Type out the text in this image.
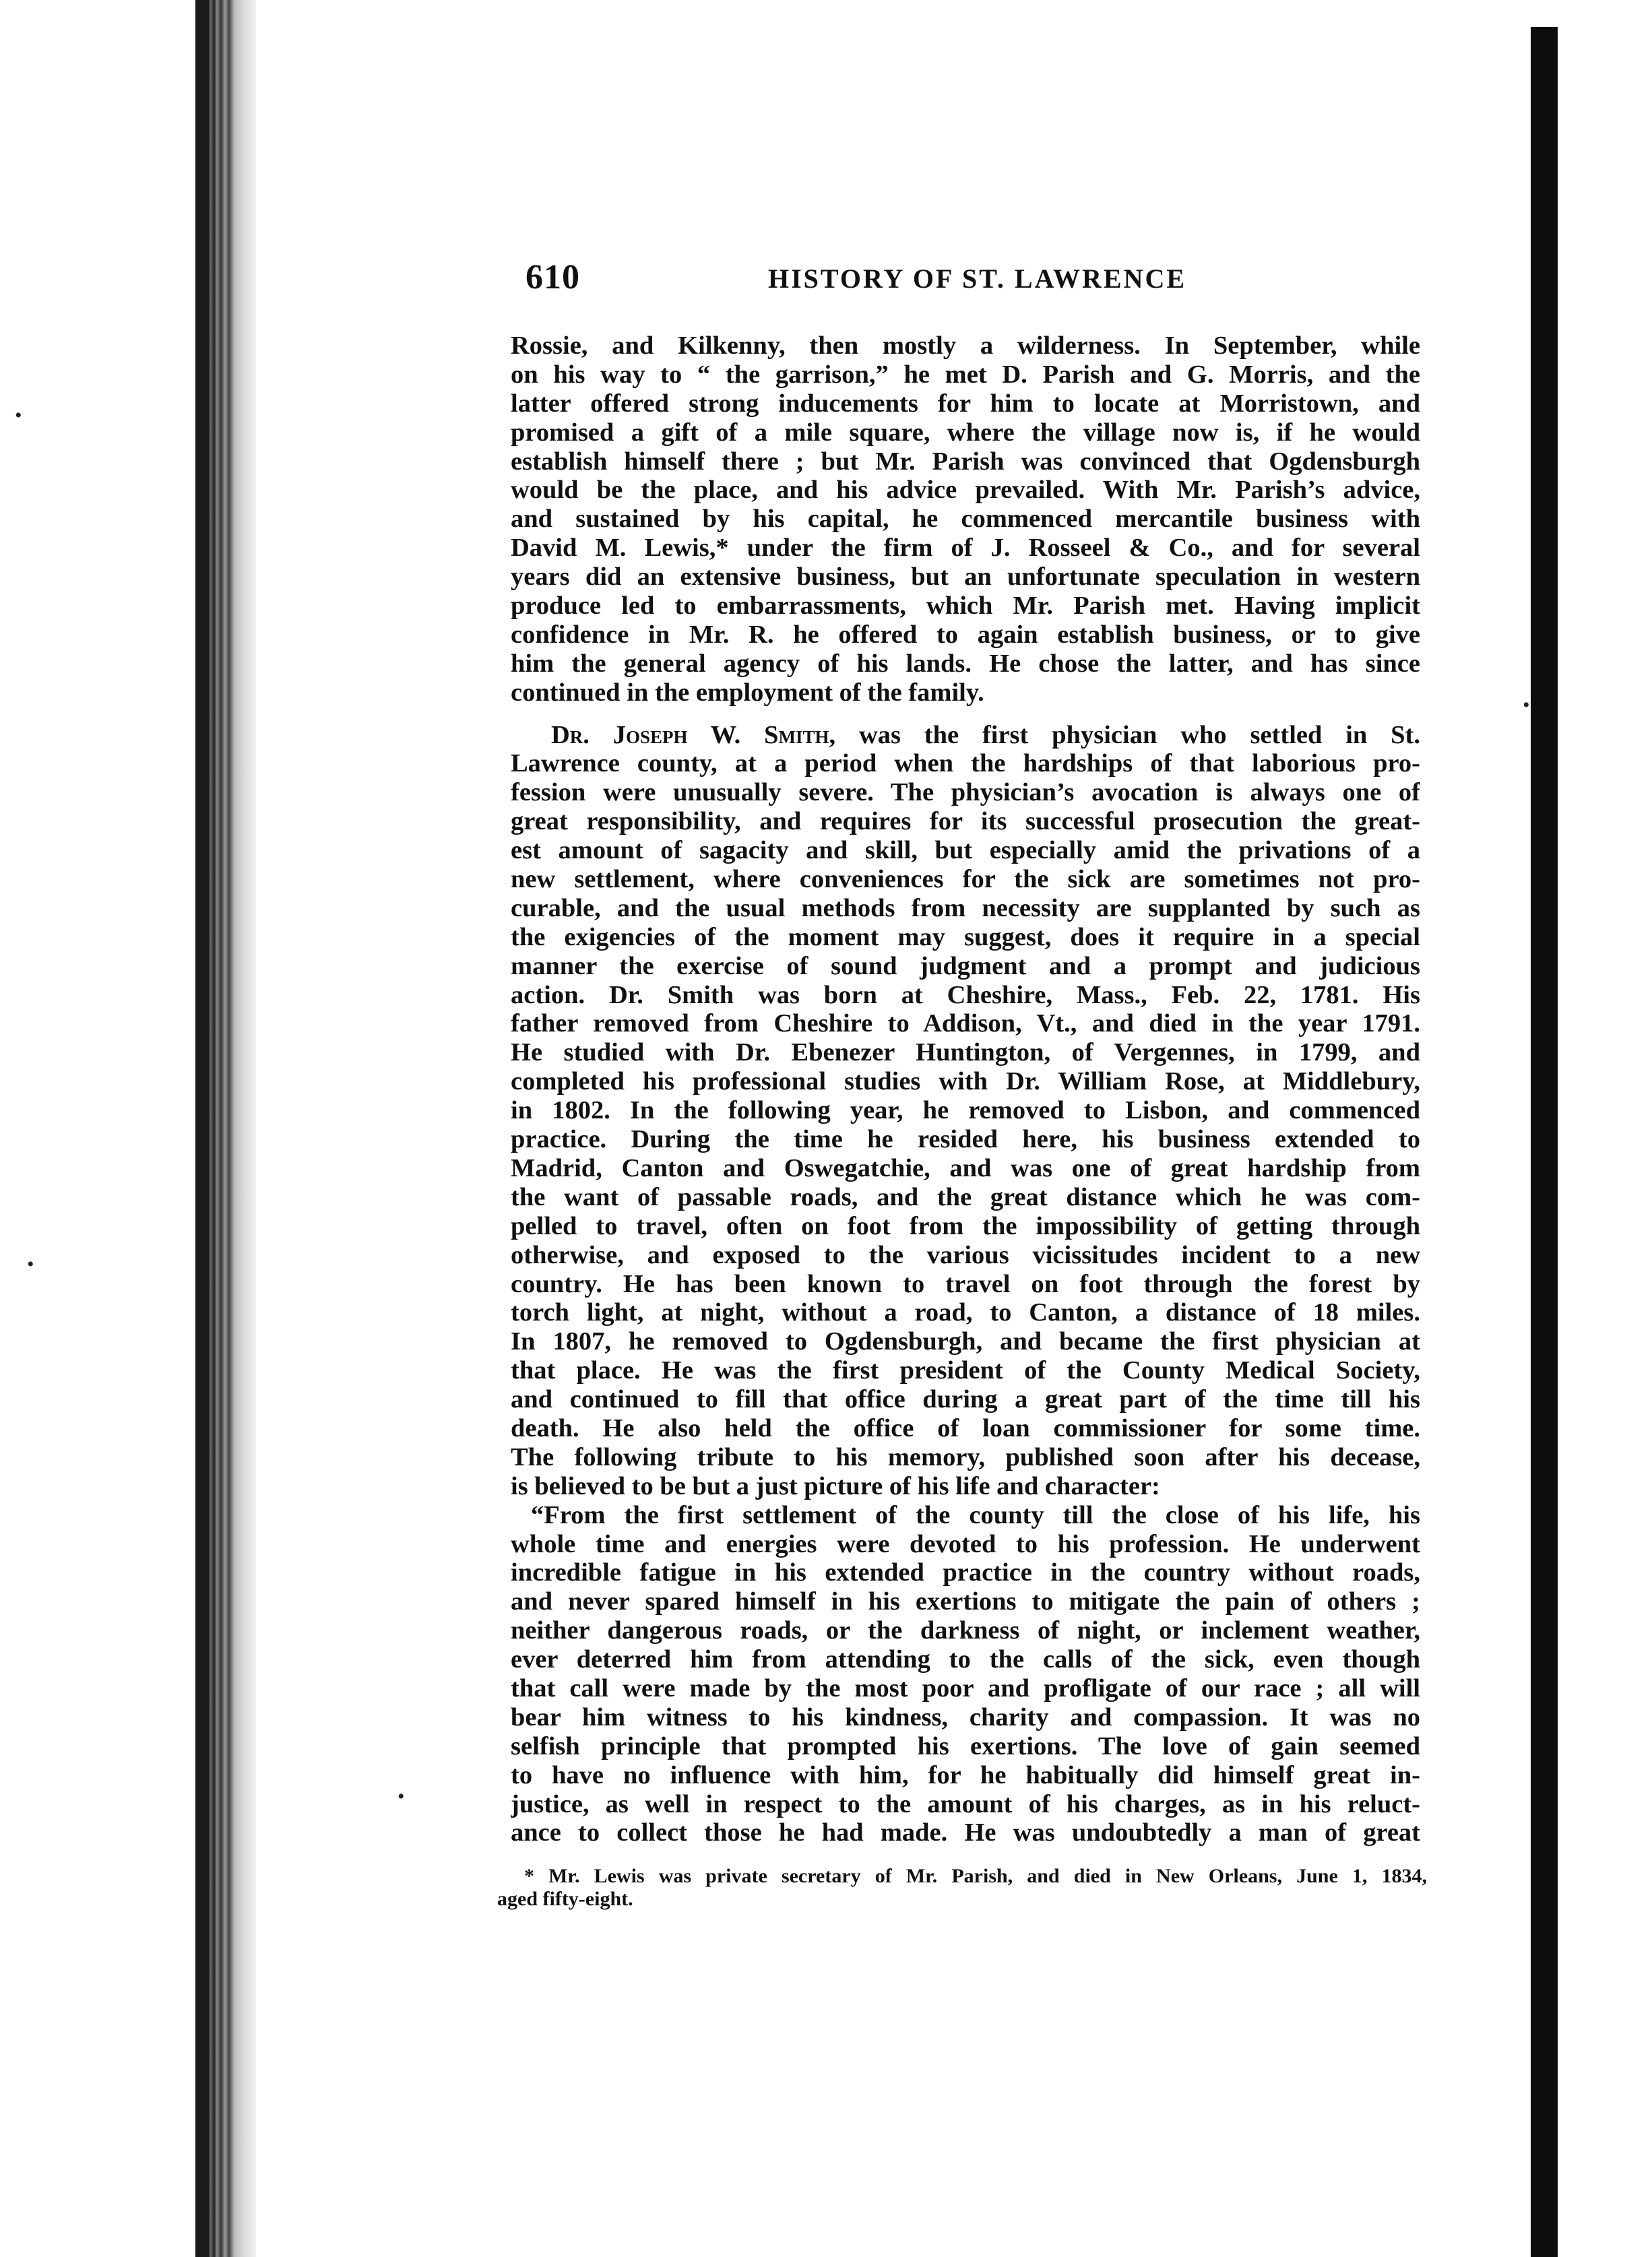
•
•
•
•
610	HISTORY OF ST. LAWRENCE
Rossie, and Kilkenny, then mostly a wilderness. In September, while
on his way to “ the garrison,” he met D. Parish and G. Morris, and the
latter offered strong inducements for him to locate at Morristown, and
promised a gift of a mile square, where the village now is, if he would
establish himself there ; but Mr. Parish was convinced that Ogdensburgh
would be the place, and his advice prevailed. With Mr. Parish’s advice,
and sustained by his capital, he commenced mercantile business with
David M. Lewis,* under the firm of J. Rosseel & Co., and for several
years did an extensive business, but an unfortunate speculation in western
produce led to embarrassments, which Mr. Parish met. Having implicit
confidence in Mr. R. he offered to again establish business, or to give
him the general agency of his lands. He chose the latter, and has since
continued in the employment of the family.
Dr. Joseph W. Smith, was the first physician who settled in St.
Lawrence county, at a period when the hardships of that laborious pro-
fession were unusually severe. The physician’s avocation is always one of
great responsibility, and requires for its successful prosecution the great-
est amount of sagacity and skill, but especially amid the privations of a
new settlement, where conveniences for the sick are sometimes not pro-
curable, and the usual methods from necessity are supplanted by such as
the exigencies of the moment may suggest, does it require in a special
manner the exercise of sound judgment and a prompt and judicious
action. Dr. Smith was born at Cheshire, Mass., Feb. 22, 1781. His
father removed from Cheshire to Addison, Vt., and died in the year 1791.
He studied with Dr. Ebenezer Huntington, of Vergennes, in 1799, and
completed his professional studies with Dr. William Rose, at Middlebury,
in 1802. In the following year, he removed to Lisbon, and commenced
practice. During the time he resided here, his business extended to
Madrid, Canton and Oswegatchie, and was one of great hardship from
the want of passable roads, and the great distance which he was com-
pelled to travel, often on foot from the impossibility of getting through
otherwise, and exposed to the various vicissitudes incident to a new
country. He has been known to travel on foot through the forest by
torch light, at night, without a road, to Canton, a distance of 18 miles.
In 1807, he removed to Ogdensburgh, and became the first physician at
that place. He was the first president of the County Medical Society,
and continued to fill that office during a great part of the time till his
death. He also held the office of loan commissioner for some time.
The following tribute to his memory, published soon after his decease,
is believed to be but a just picture of his life and character:
“From the first settlement of the county till the close of his life, his
whole time and energies were devoted to his profession. He underwent
incredible fatigue in his extended practice in the country without roads,
and never spared himself in his exertions to mitigate the pain of others ;
neither dangerous roads, or the darkness of night, or inclement weather,
ever deterred him from attending to the calls of the sick, even though
that call were made by the most poor and profligate of our race ; all will
bear him witness to his kindness, charity and compassion. It was no
selfish principle that prompted his exertions. The love of gain seemed
to have no influence with him, for he habitually did himself great in-
justice, as well in respect to the amount of his charges, as in his reluct-
ance to collect those he had made. He was undoubtedly a man of great
* Mr. Lewis was private secretary of Mr. Parish, and died in New Orleans, June 1, 1834,
aged fifty-eight.
